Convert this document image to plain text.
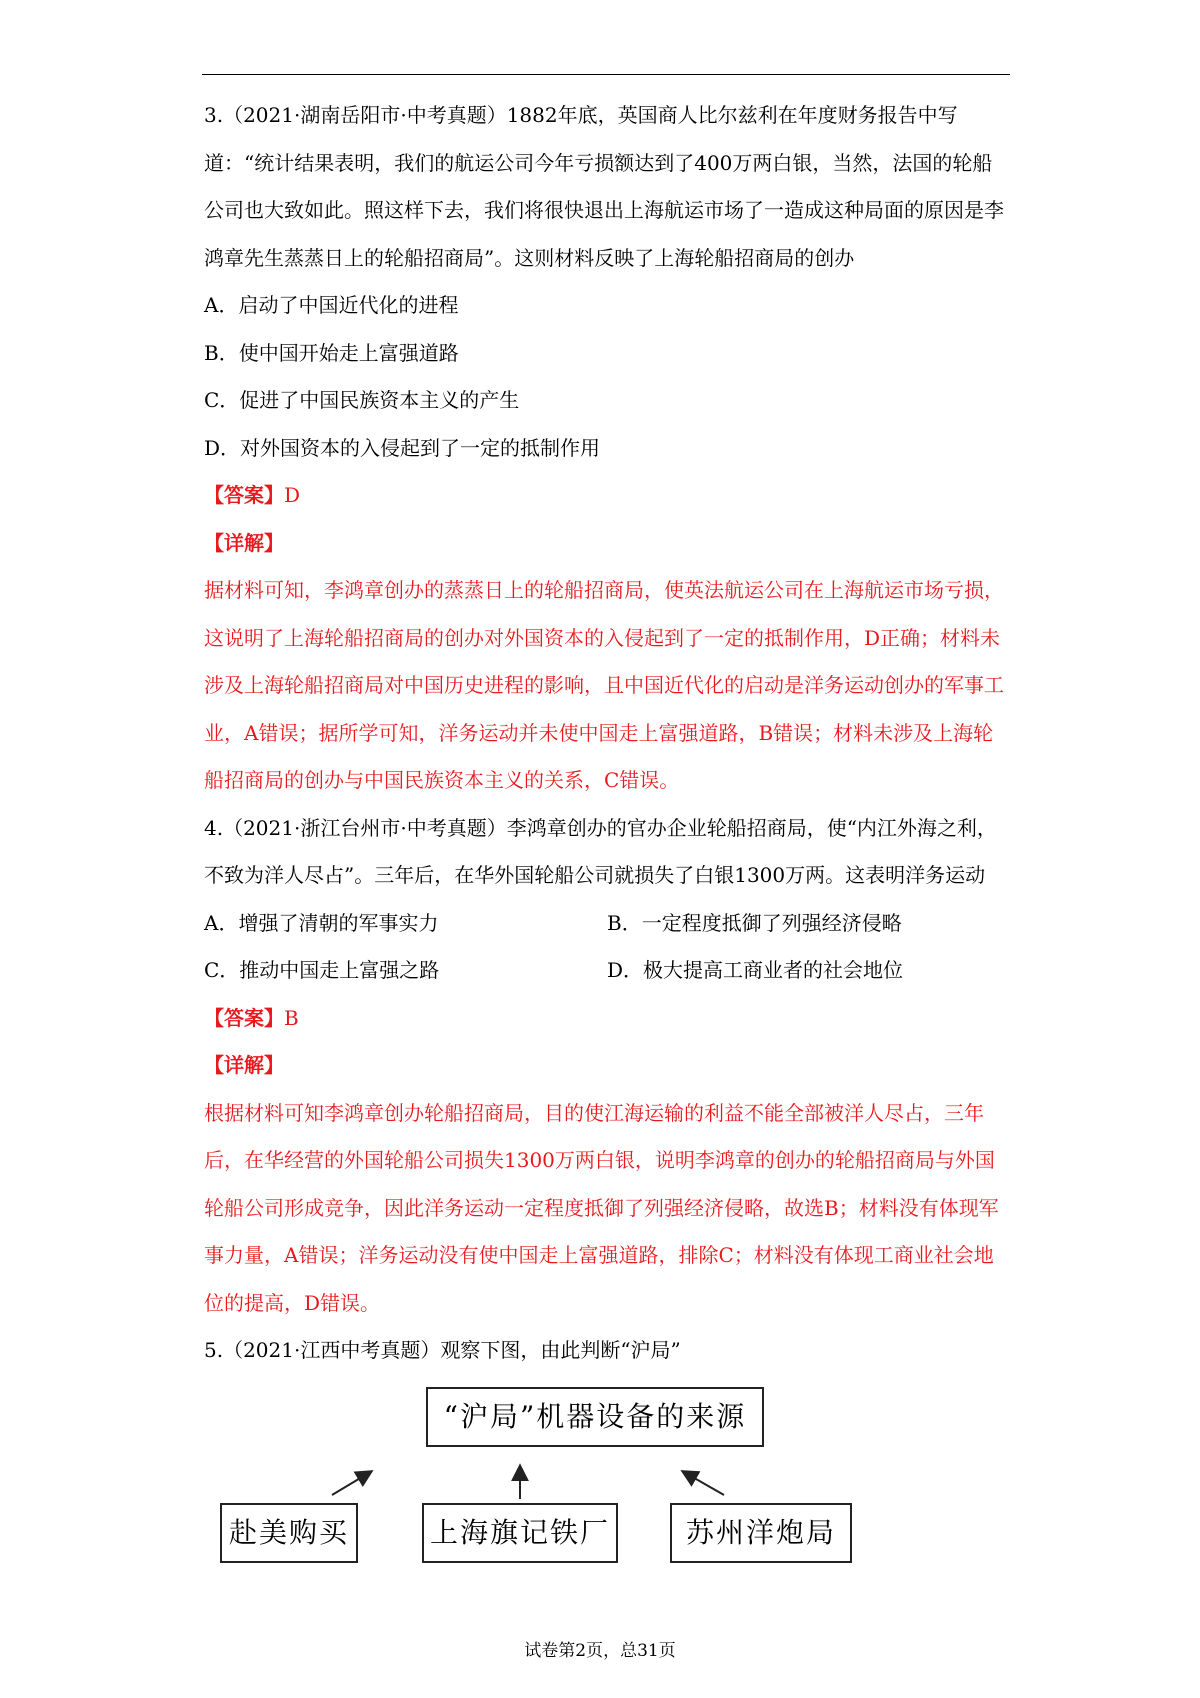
3.（2021·湖南岳阳市·中考真题）1882年底，英国商人比尔兹利在年度财务报告中写道：“统计结果表明，我们的航运公司今年亏损额达到了400万两白银，当然，法国的轮船公司也大致如此。照这样下去，我们将很快退出上海航运市场了一造成这种局面的原因是李鸿章先生蒸蒸日上的轮船招商局”。这则材料反映了上海轮船招商局的创办

A．启动了中国近代化的进程

B．使中国开始走上富强道路

C．促进了中国民族资本主义的产生

D．对外国资本的入侵起到了一定的抵制作用

【答案】D

【详解】

据材料可知，李鸿章创办的蒸蒸日上的轮船招商局，使英法航运公司在上海航运市场亏损，这说明了上海轮船招商局的创办对外国资本的入侵起到了一定的抵制作用，D正确；材料未涉及上海轮船招商局对中国历史进程的影响，且中国近代化的启动是洋务运动创办的军事工业，A错误；据所学可知，洋务运动并未使中国走上富强道路，B错误；材料未涉及上海轮船招商局的创办与中国民族资本主义的关系，C错误。

4.（2021·浙江台州市·中考真题）李鸿章创办的官办企业轮船招商局，使“内江外海之利，不致为洋人尽占”。三年后，在华外国轮船公司就损失了白银1300万两。这表明洋务运动

A．增强了清朝的军事实力	B．一定程度抵御了列强经济侵略
C．推动中国走上富强之路	D．极大提高工商业者的社会地位

【答案】B

【详解】

根据材料可知李鸿章创办轮船招商局，目的使江海运输的利益不能全部被洋人尽占，三年后，在华经营的外国轮船公司损失1300万两白银，说明李鸿章的创办的轮船招商局与外国轮船公司形成竞争，因此洋务运动一定程度抵御了列强经济侵略，故选B；材料没有体现军事力量，A错误；洋务运动没有使中国走上富强道路，排除C；材料没有体现工商业社会地位的提高，D错误。

5.（2021·江西中考真题）观察下图，由此判断“沪局”

“沪局”机器设备的来源
赴美购买	上海旗记铁厂	苏州洋炮局
试卷第2页，总31页
